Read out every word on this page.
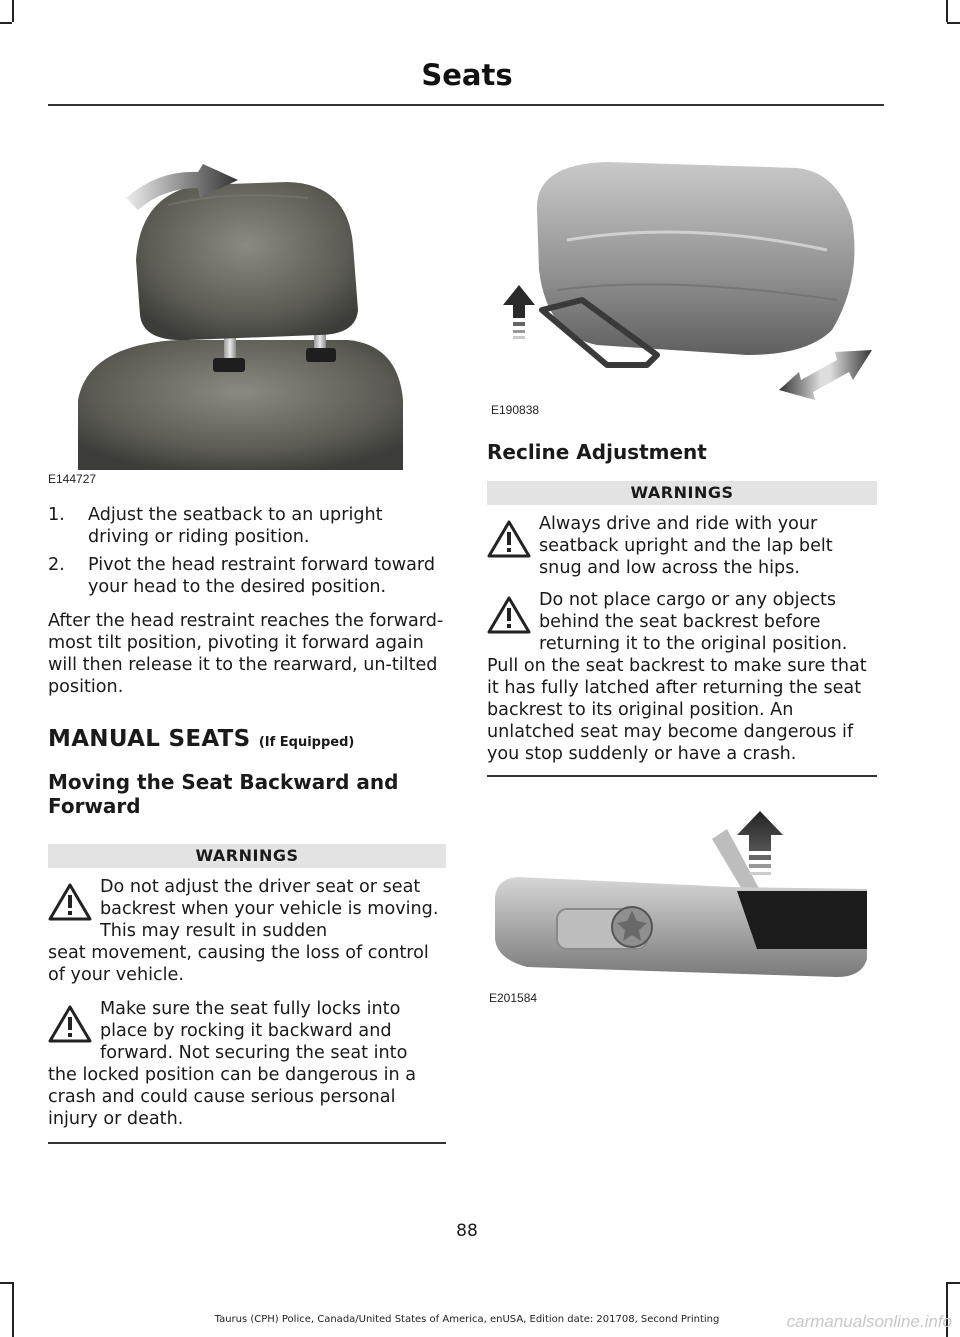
Seats
E144727
1. Adjust the seatback to an upright driving or riding position.
2. Pivot the head restraint forward toward your head to the desired position.

After the head restraint reaches the forward-most tilt position, pivoting it forward again will then release it to the rearward, un-tilted position.

MANUAL SEATS (If Equipped)
Moving the Seat Backward and Forward
WARNINGS
Do not adjust the driver seat or seat backrest when your vehicle is moving. This may result in sudden
seat movement, causing the loss of control of your vehicle.
Make sure the seat fully locks into place by rocking it backward and forward. Not securing the seat into
the locked position can be dangerous in a crash and could cause serious personal injury or death.
E190838
Recline Adjustment
WARNINGS
Always drive and ride with your seatback upright and the lap belt snug and low across the hips.
Do not place cargo or any objects behind the seat backrest before returning it to the original position.
Pull on the seat backrest to make sure that it has fully latched after returning the seat backrest to its original position. An unlatched seat may become dangerous if you stop suddenly or have a crash.
E201584
88
Taurus (CPH) Police, Canada/United States of America, enUSA, Edition date: 201708, Second Printing	carmanualsonline.info
